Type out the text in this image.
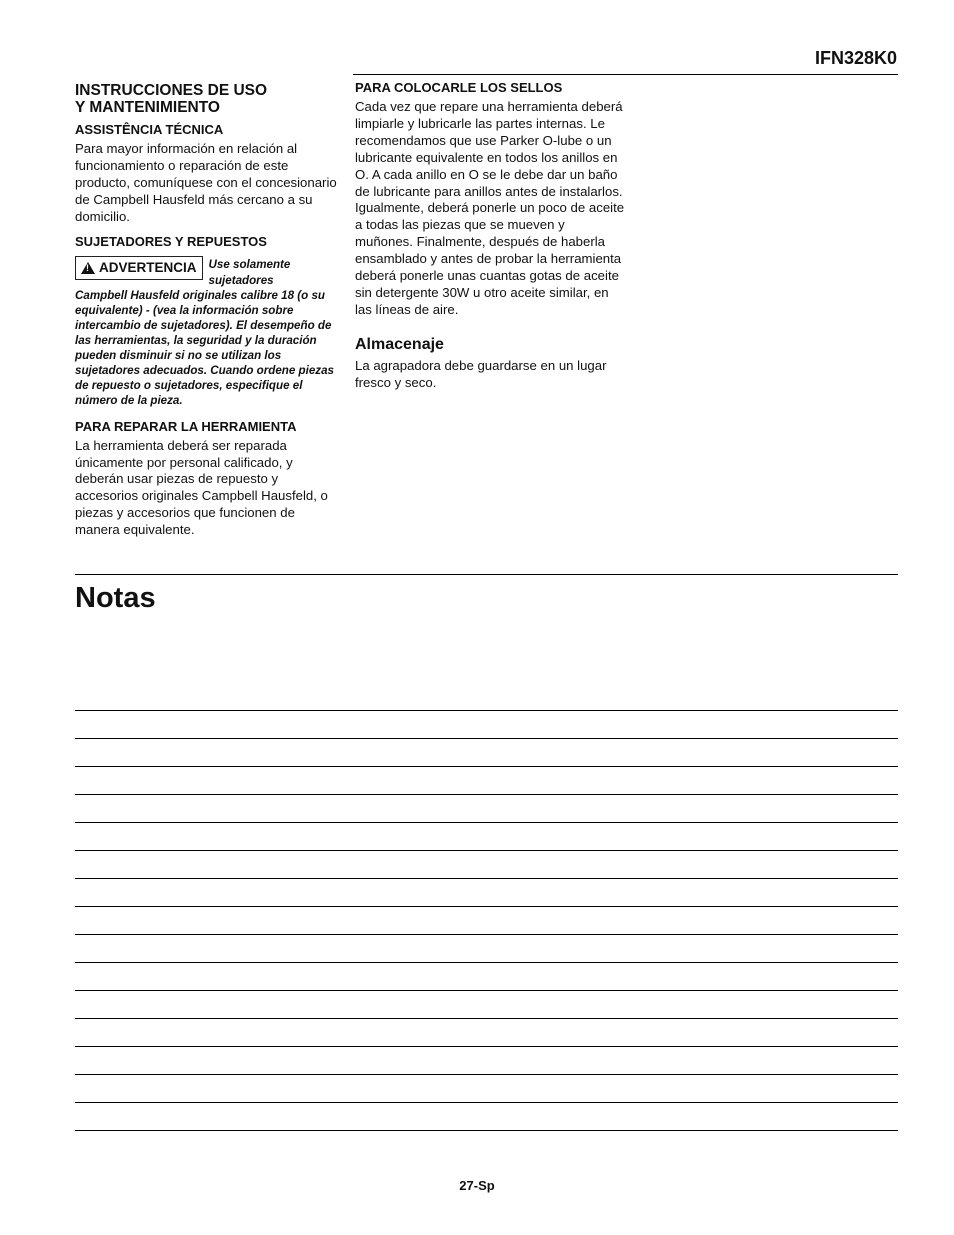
IFN328K0
INSTRUCCIONES DE USO
Y MANTENIMIENTO
ASSISTÊNCIA TÉCNICA

Para mayor información en relación al funcionamiento o reparación de este producto, comuníquese con el concesionario de Campbell Hausfeld más cercano a su domicilio.

SUJETADORES Y REPUESTOS
!
ADVERTENCIA Use solamente sujetadores
Campbell Hausfeld originales calibre 18 (o su equivalente) - (vea la información sobre intercambio de sujetadores). El desempeño de las herramientas, la seguridad y la duración pueden disminuir si no se utilizan los sujetadores adecuados. Cuando ordene piezas de repuesto o sujetadores, especifique el número de la pieza.
PARA REPARAR LA HERRAMIENTA

La herramienta deberá ser reparada únicamente por personal calificado, y deberán usar piezas de repuesto y accesorios originales Campbell Hausfeld, o piezas y accesorios que funcionen de manera equivalente.

PARA COLOCARLE LOS SELLOS

Cada vez que repare una herramienta deberá limpiarle y lubricarle las partes internas. Le recomendamos que use Parker O-lube o un lubricante equivalente en todos los anillos en O. A cada anillo en O se le debe dar un baño de lubricante para anillos antes de instalarlos. Igualmente, deberá ponerle un poco de aceite a todas las piezas que se mueven y muñones. Finalmente, después de haberla ensamblado y antes de probar la herramienta deberá ponerle unas cuantas gotas de aceite sin detergente 30W u otro aceite similar, en las líneas de aire.

Almacenaje

La agrapadora debe guardarse en un lugar fresco y seco.

Notas
27-Sp
